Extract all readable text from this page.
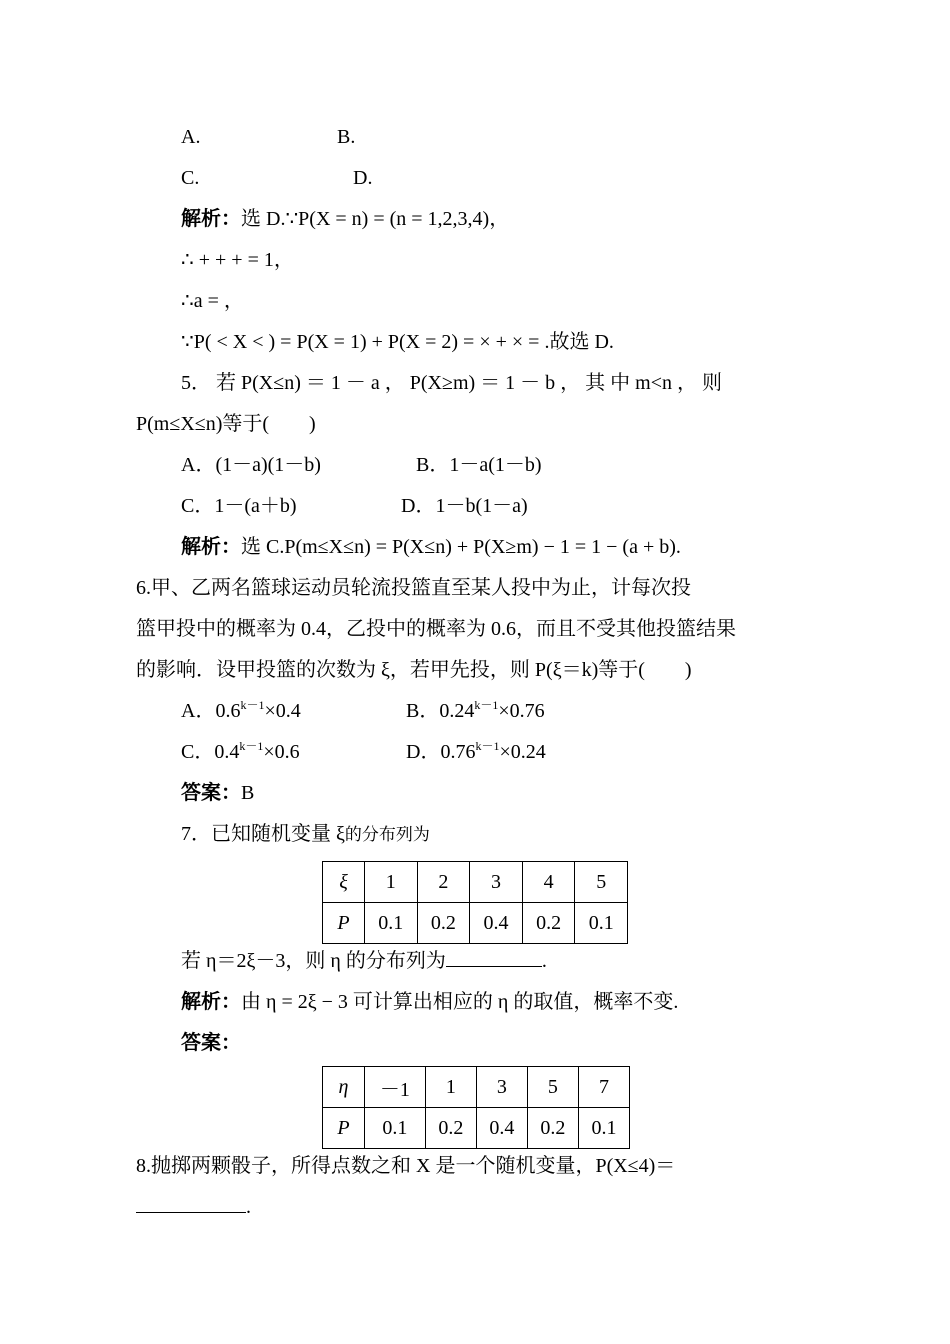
A.	B.
C.	D.
解析：选 D.∵P(X = n) = (n = 1,2,3,4)，
∴ + + + = 1，
∴a = ，
∵P( < X < ) = P(X = 1) + P(X = 2) = × + × = .故选 D.
5． 若 P(X≤n) ＝ 1 － a ， P(X≥m) ＝ 1 － b ， 其 中 m<n ， 则
P(m≤X≤n)等于(　　)
A．(1－a)(1－b)	B．1－a(1－b)
C．1－(a＋b)	D．1－b(1－a)
解析：选 C.P(m≤X≤n) = P(X≤n) + P(X≥m) − 1 = 1 − (a + b).
6.甲、乙两名篮球运动员轮流投篮直至某人投中为止，计每次投
篮甲投中的概率为 0.4，乙投中的概率为 0.6，而且不受其他投篮结果
的影响．设甲投篮的次数为 ξ，若甲先投，则 P(ξ＝k)等于(　　)
A．$0.6^{k-1}\times 0.4$	B．$0.24^{k-1}\times 0.76$
C．$0.4^{k-1}\times 0.6$	D．$0.76^{k-1}\times 0.24$
答案：B
7．已知随机变量 ξ的分布列为
ξ	1	2	3	4	5
P	0.1	0.2	0.4	0.2	0.1
若 η＝2ξ－3，则 η 的分布列为	.
解析：由 η = 2ξ − 3 可计算出相应的 η 的取值，概率不变.
答案：
η	－1	1	3	5	7
P	0.1	0.2	0.4	0.2	0.1
8.抛掷两颗骰子，所得点数之和 X 是一个随机变量，P(X≤4)＝
.
